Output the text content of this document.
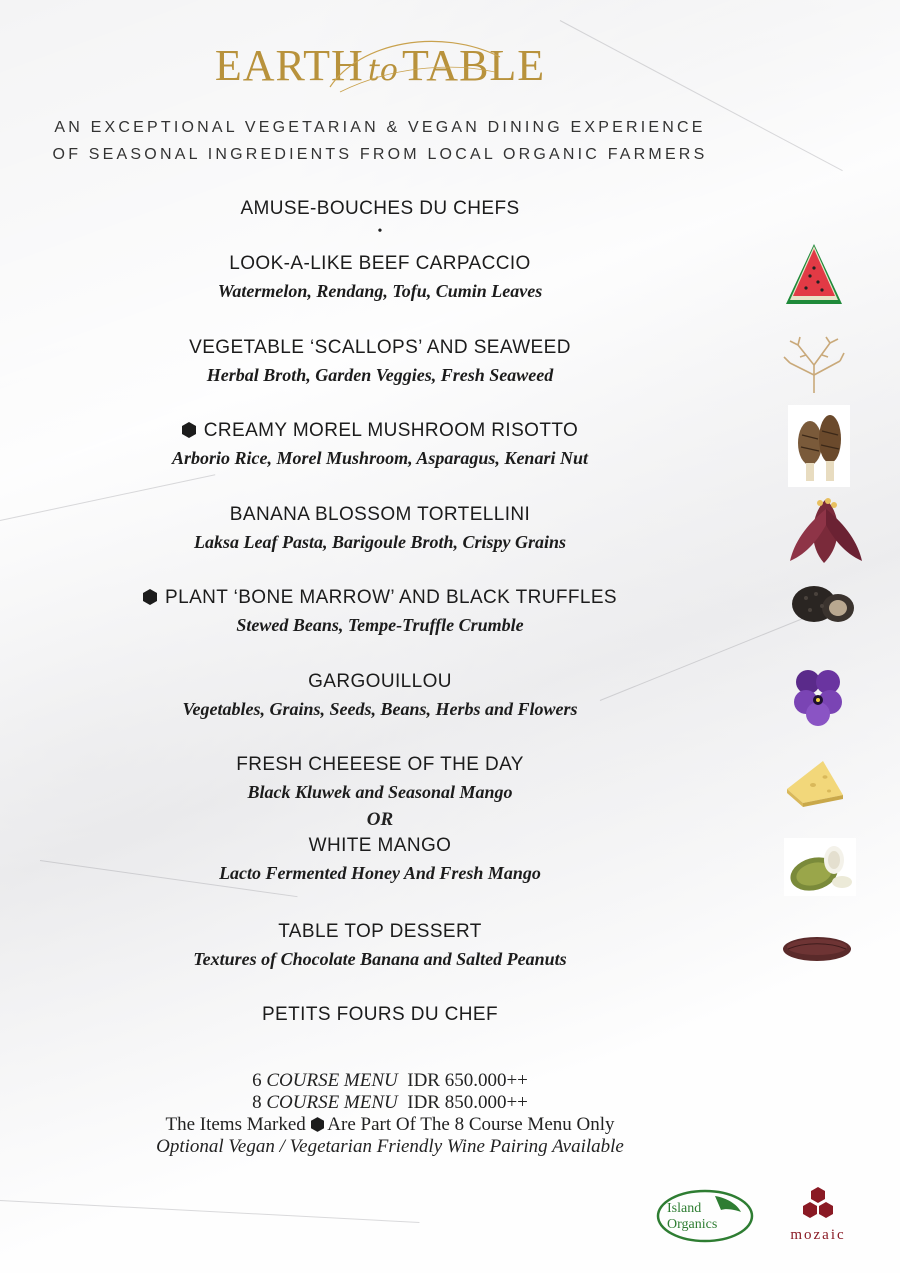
EARTH toTABLE
AN EXCEPTIONAL VEGETARIAN & VEGAN DINING EXPERIENCE
OF SEASONAL INGREDIENTS FROM LOCAL ORGANIC FARMERS
AMUSE-BOUCHES DU CHEFS
•
LOOK-A-LIKE BEEF CARPACCIO
Watermelon, Rendang, Tofu, Cumin Leaves
VEGETABLE ‘SCALLOPS’ AND SEAWEED
Herbal Broth, Garden Veggies, Fresh Seaweed
CREAMY MOREL MUSHROOM RISOTTO
Arborio Rice, Morel Mushroom, Asparagus, Kenari Nut
BANANA BLOSSOM TORTELLINI
Laksa Leaf Pasta, Barigoule Broth, Crispy Grains
PLANT ‘BONE MARROW’ AND BLACK TRUFFLES
Stewed Beans, Tempe-Truffle Crumble
GARGOUILLOU
Vegetables, Grains, Seeds, Beans, Herbs and Flowers
FRESH CHEEESE OF THE DAY
Black Kluwek and Seasonal Mango
OR
WHITE MANGO
Lacto Fermented Honey And Fresh Mango
TABLE TOP DESSERT
Textures of Chocolate Banana and Salted Peanuts
PETITS FOURS DU CHEF
6 COURSE MENU IDR 650.000++
8 COURSE MENU IDR 850.000++
The Items Marked Are Part Of The 8 Course Menu Only
Optional Vegan / Vegetarian Friendly Wine Pairing Available
Island
Organics
mozaic
